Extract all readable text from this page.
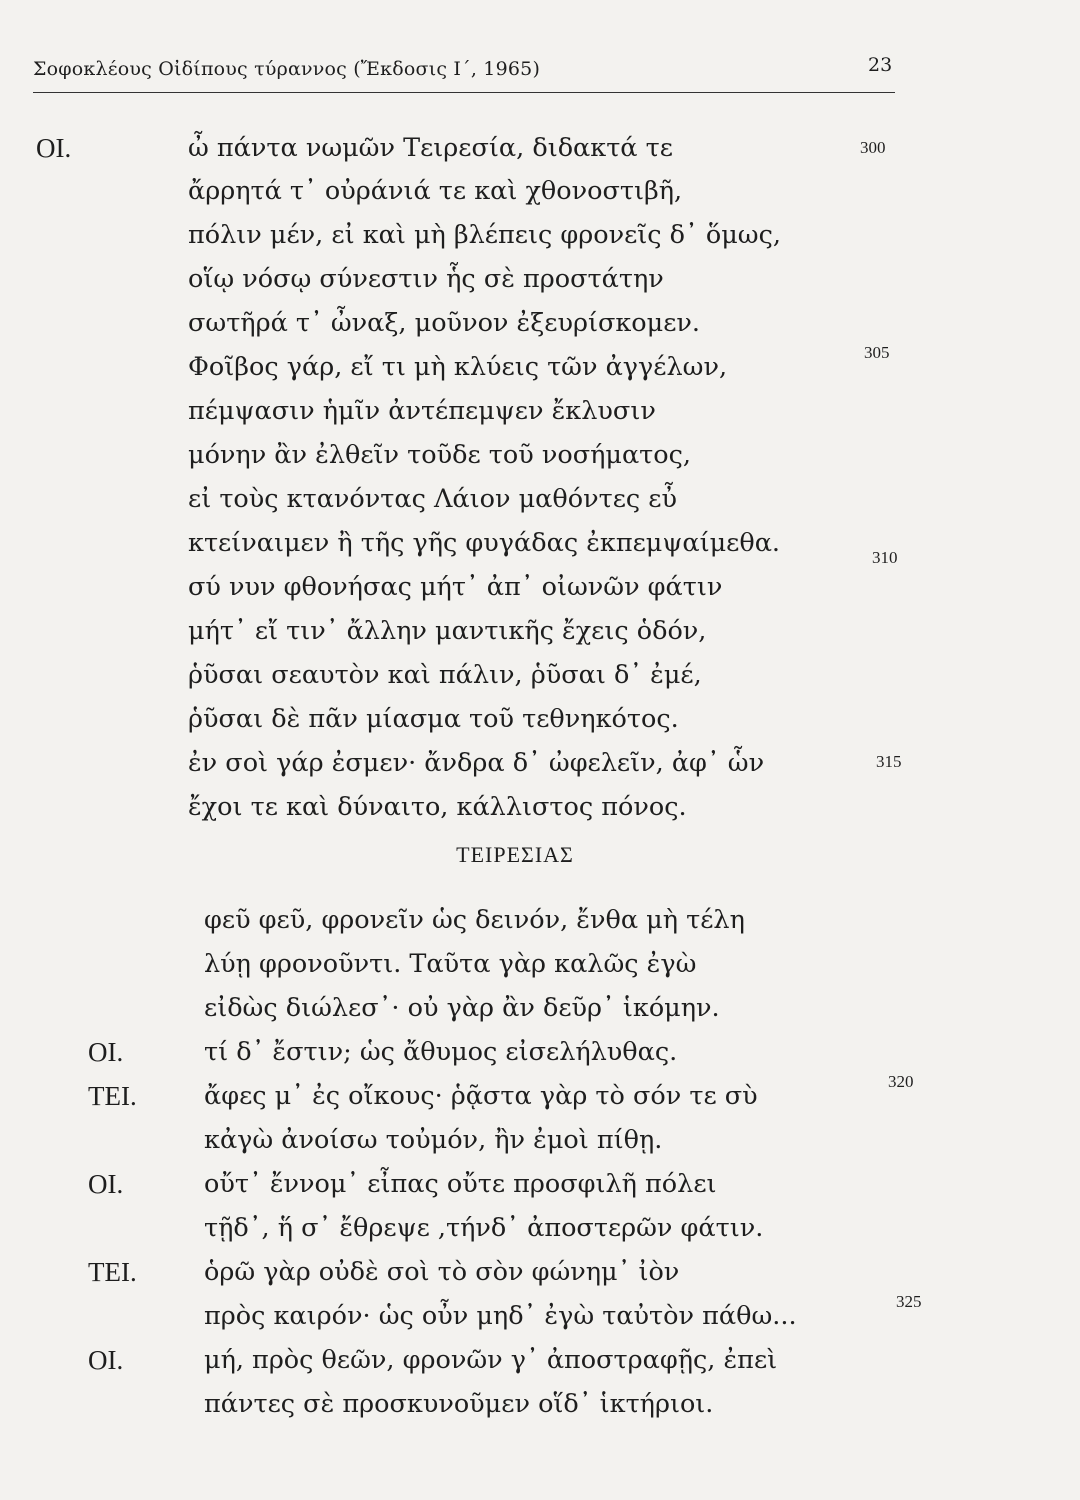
Σοφοκλέους Οἰδίπους τύραννος (Ἔκδοσις Ι΄, 1965)	23
ΟΙ.	ὦ πάντα νωμῶν Τειρεσία, διδακτά τε
ἄρρητά τ᾽ οὐράνιά τε καὶ χθονοστιβῆ,
πόλιν μέν, εἰ καὶ μὴ βλέπεις φρονεῖς δ᾽ ὅμως,
οἵῳ νόσῳ σύνεστιν ἧς σὲ προστάτην
σωτῆρά τ᾽ ὦναξ, μοῦνον ἐξευρίσκομεν.
Φοῖβος γάρ, εἴ τι μὴ κλύεις τῶν ἀγγέλων,
πέμψασιν ἡμῖν ἀντέπεμψεν ἔκλυσιν
μόνην ἂν ἐλθεῖν τοῦδε τοῦ νοσήματος,
εἰ τοὺς κτανόντας Λάιον μαθόντες εὖ
κτείναιμεν ἢ τῆς γῆς φυγάδας ἐκπεμψαίμεθα.
σύ νυν φθονήσας μήτ᾽ ἀπ᾽ οἰωνῶν φάτιν
μήτ᾽ εἴ τιν᾽ ἄλλην μαντικῆς ἔχεις ὁδόν,
ῥῦσαι σεαυτὸν καὶ πάλιν, ῥῦσαι δ᾽ ἐμέ,
ῥῦσαι δὲ πᾶν μίασμα τοῦ τεθνηκότος.
ἐν σοὶ γάρ ἐσμεν· ἄνδρα δ᾽ ὠφελεῖν, ἀφ᾽ ὧν
ἔχοι τε καὶ δύναιτο, κάλλιστος πόνος.
300
305
310
315
ΤΕΙΡΕΣΙΑΣ
φεῦ φεῦ, φρονεῖν ὡς δεινόν, ἔνθα μὴ τέλη
λύῃ φρονοῦντι. Ταῦτα γὰρ καλῶς ἐγὼ
εἰδὼς διώλεσ᾽· οὐ γὰρ ἂν δεῦρ᾽ ἱκόμην.
ΟΙ.	τί δ᾽ ἔστιν; ὡς ἄθυμος εἰσελήλυθας.
ΤΕΙ.	ἄφες μ᾽ ἐς οἴκους· ῥᾷστα γὰρ τὸ σόν τε σὺ	320
κἀγὼ ἀνοίσω τοὐμόν, ἢν ἐμοὶ πίθῃ.
ΟΙ.	οὔτ᾽ ἔννομ᾽ εἶπας οὔτε προσφιλῆ πόλει
τῇδ᾽, ἥ σ᾽ ἔθρεψε ,τήνδ᾽ ἀποστερῶν φάτιν.
ΤΕΙ.	ὁρῶ γὰρ οὐδὲ σοὶ τὸ σὸν φώνημ᾽ ἰὸν
πρὸς καιρόν· ὡς οὖν μηδ᾽ ἐγὼ ταὐτὸν πάθω...	325
ΟΙ.	μή, πρὸς θεῶν, φρονῶν γ᾽ ἀποστραφῇς, ἐπεὶ
πάντες σὲ προσκυνοῦμεν οἵδ᾽ ἱκτήριοι.
